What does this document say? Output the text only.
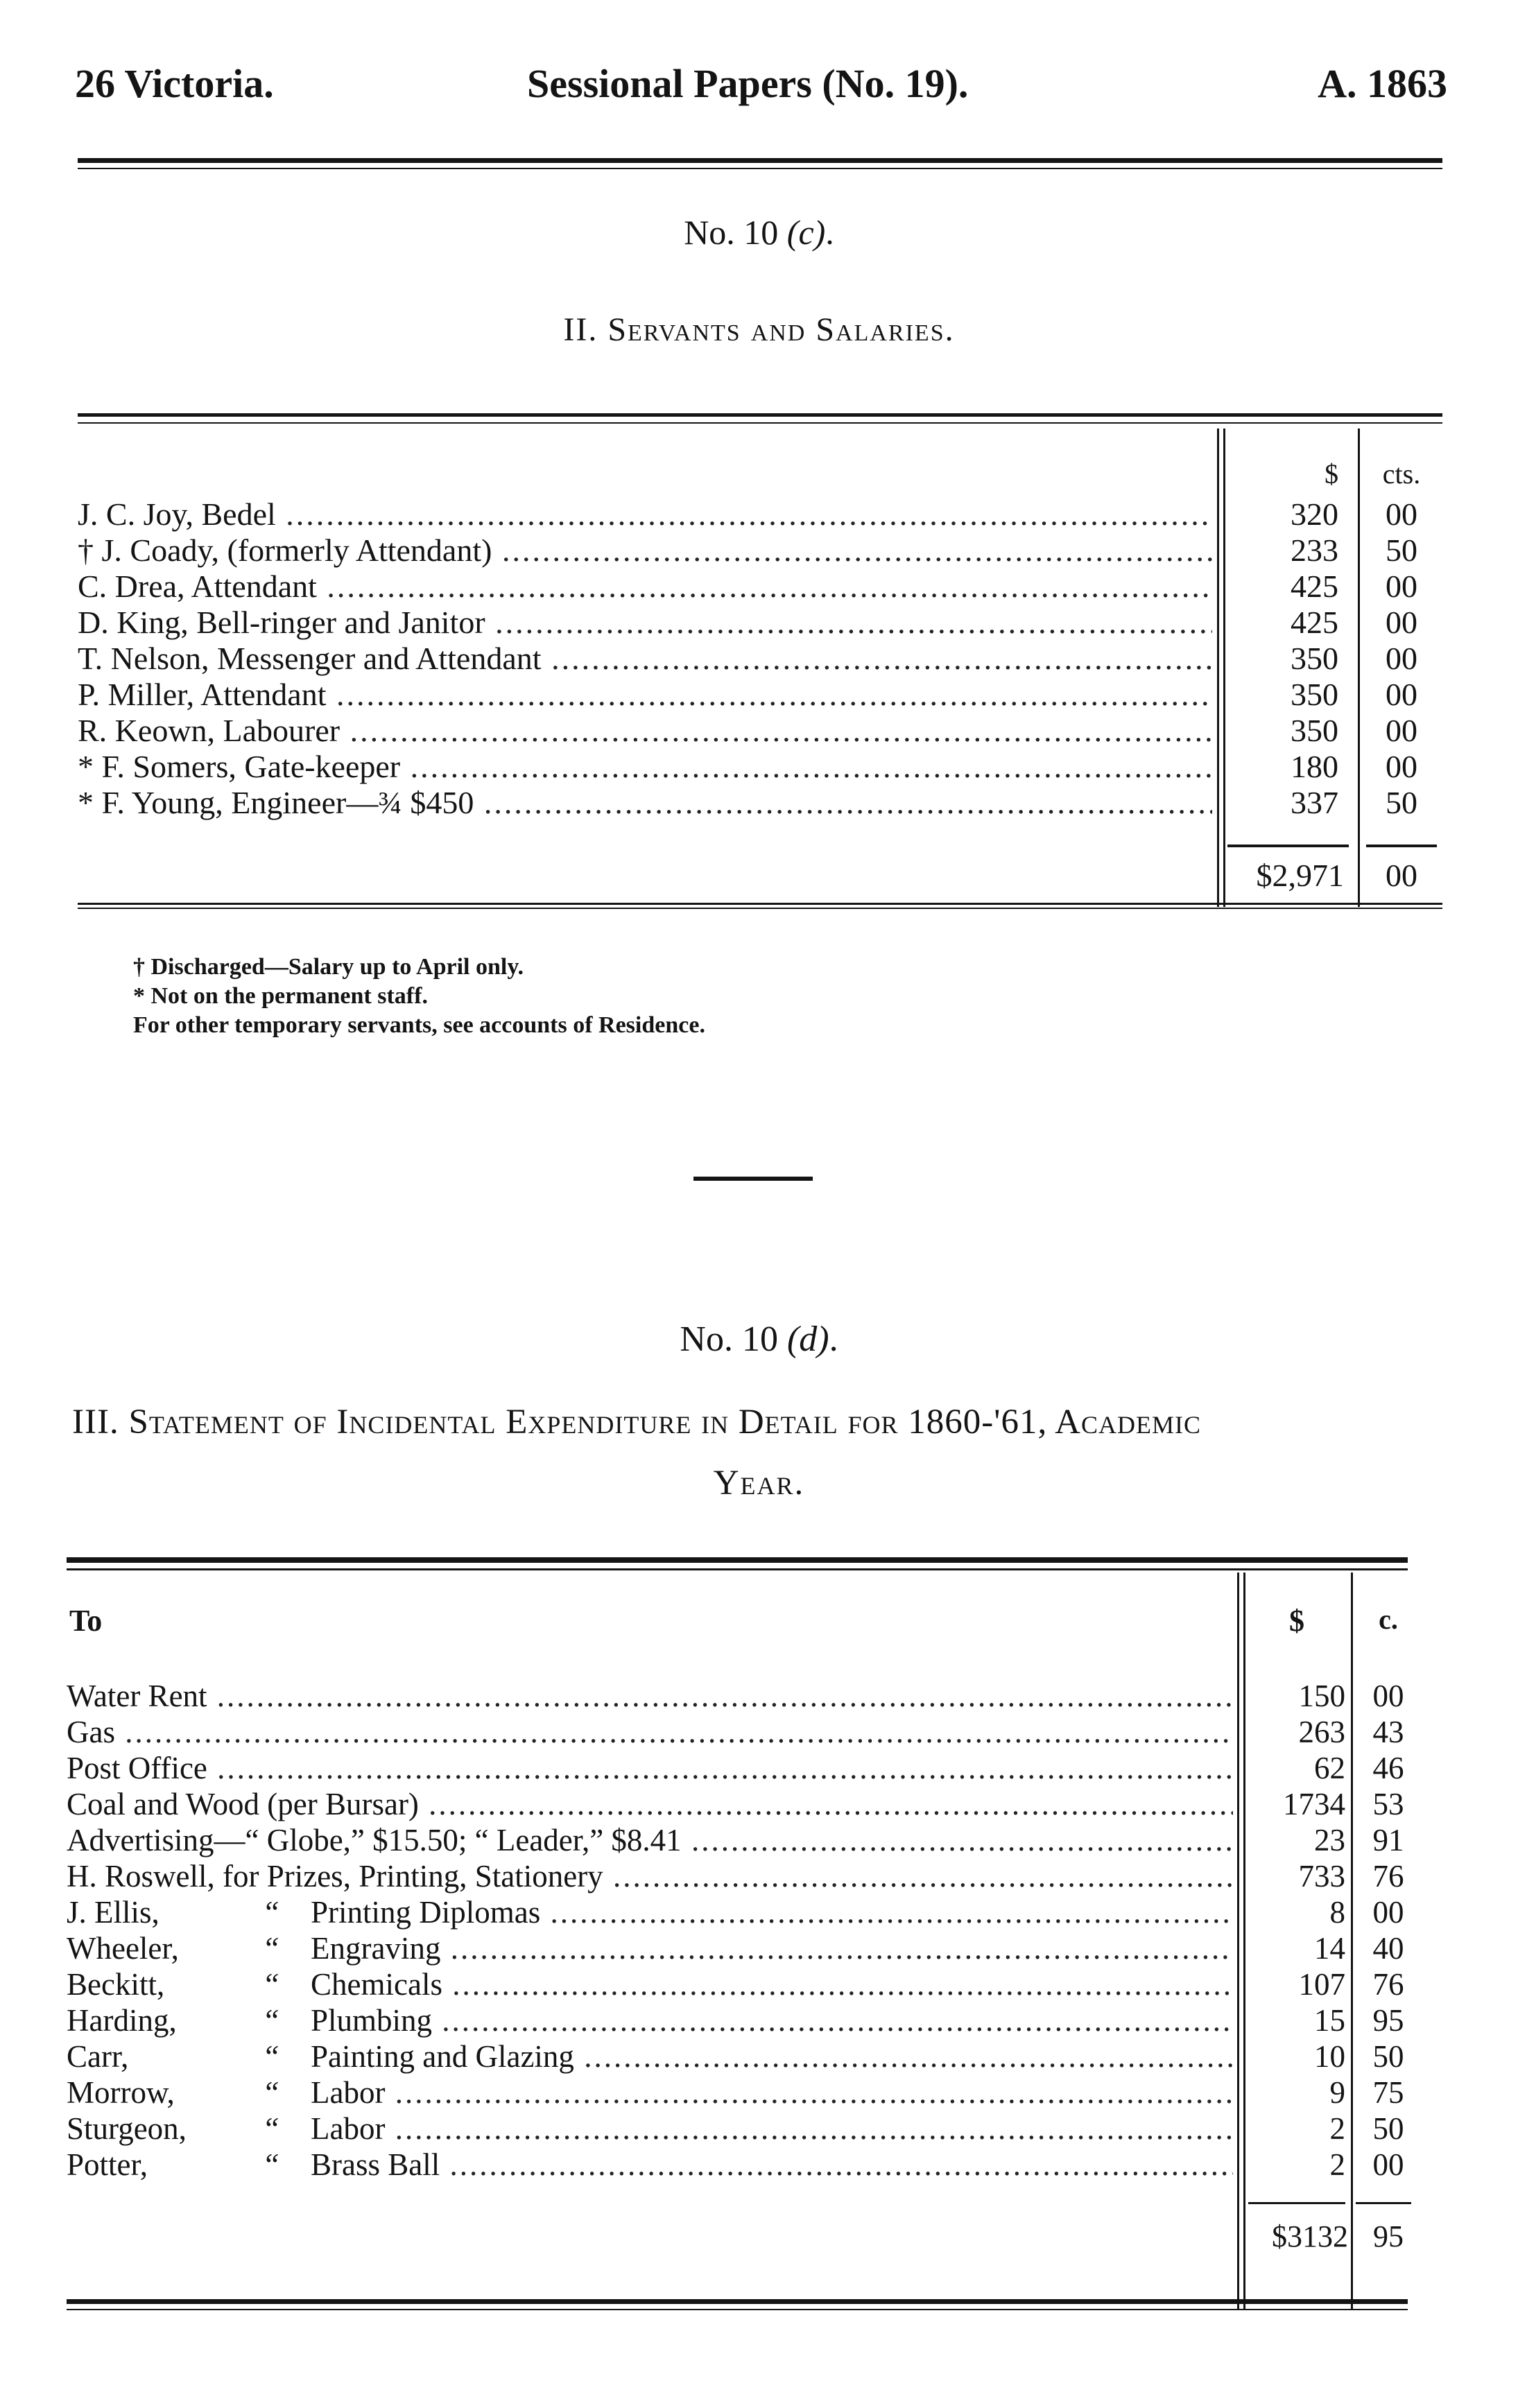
26 Victoria.	Sessional Papers (No. 19).	A. 1863
No. 10 (c).
II. Servants and Salaries.
$	cts.
J. C. Joy, Bedel .....	320	00
† J. Coady, (formerly Attendant) .....	233	50
C. Drea, Attendant .....	425	00
D. King, Bell-ringer and Janitor .....	425	00
T. Nelson, Messenger and Attendant .....	350	00
P. Miller, Attendant .....	350	00
R. Keown, Labourer .....	350	00
* F. Somers, Gate-keeper .....	180	00
* F. Young, Engineer—¾ $450 .....	337	50
$2,971	00
† Discharged—Salary up to April only.
* Not on the permanent staff.
For other temporary servants, see accounts of Residence.
No. 10 (d).
III. Statement of Incidental Expenditure in Detail for 1860-'61, Academic
Year.
To	$	c.
Water Rent .....	150 00
Gas .....	263 43
Post Office .....	62 46
Coal and Wood (per Bursar) .....	1734 53
Advertising—“ Globe,” $15.50; “ Leader,” $8.41 .....	23 91
H. Roswell, for Prizes, Printing, Stationery .....	733 76
J. Ellis,	“ Printing Diplomas .....	8 00
Wheeler,	“ Engraving .....	14 40
Beckitt,	“ Chemicals .....	107 76
Harding,	“ Plumbing .....	15 95
Carr,	“ Painting and Glazing .....	10 50
Morrow,	“ Labor .....	9 75
Sturgeon,	“ Labor .....	2 50
Potter,	“ Brass Ball .....	2 00
$3132 95
